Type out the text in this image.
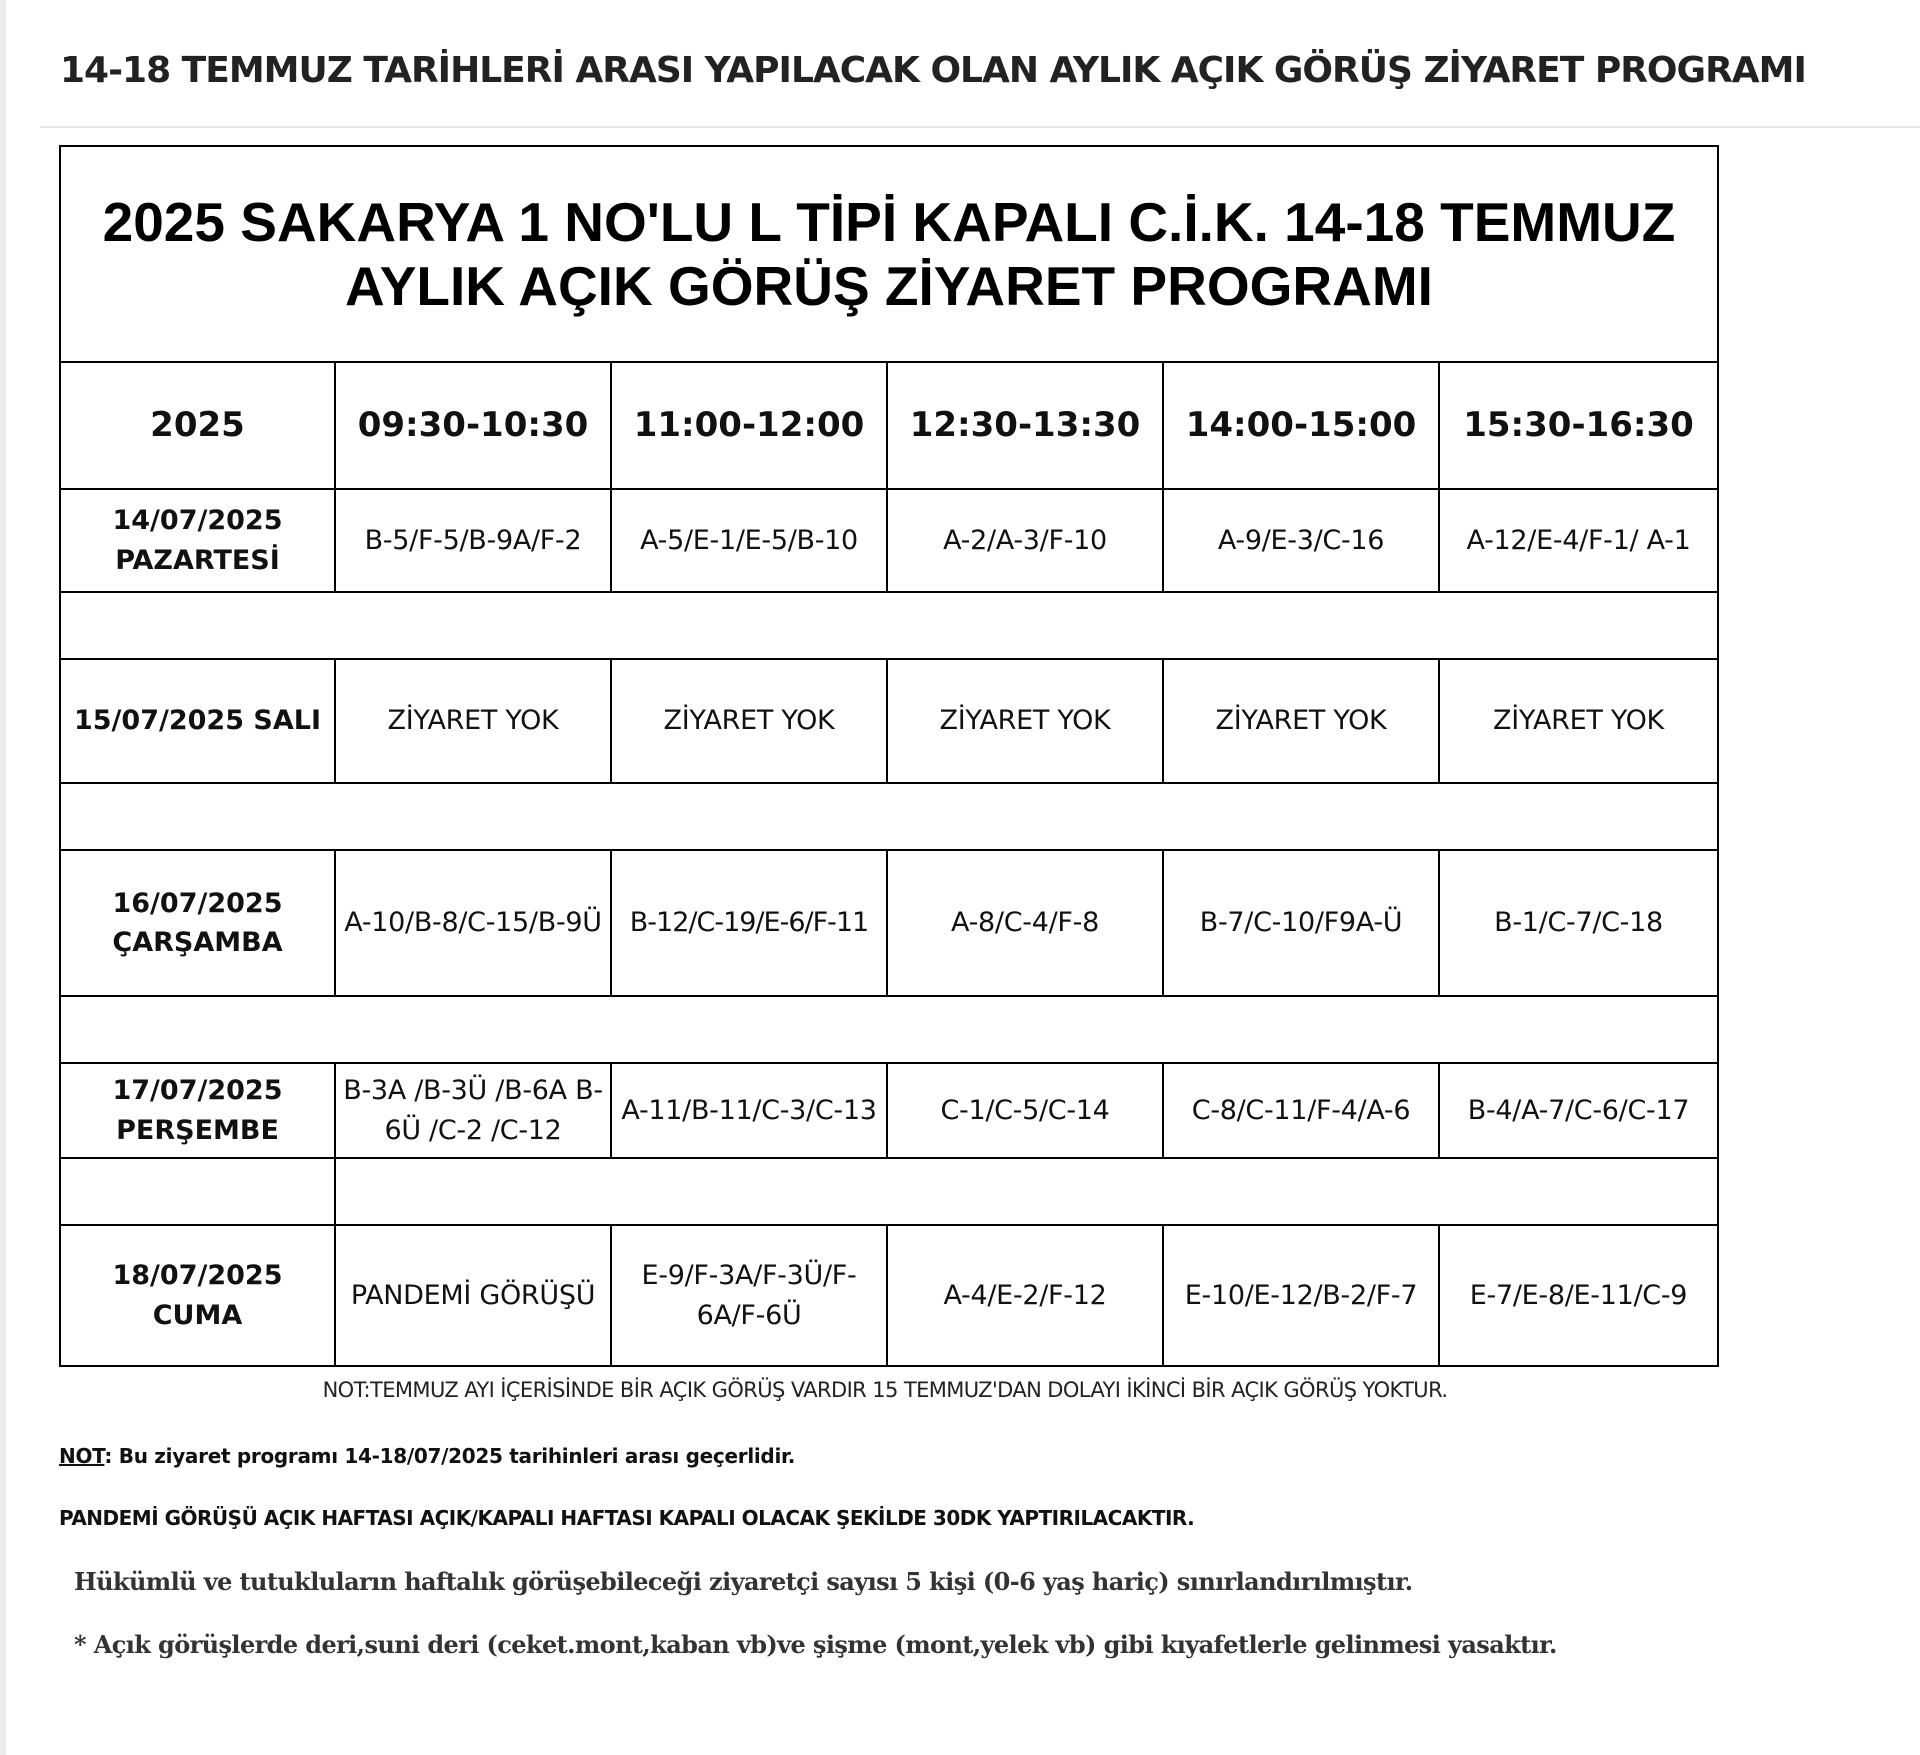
14-18 TEMMUZ TARİHLERİ ARASI YAPILACAK OLAN AYLIK AÇIK GÖRÜŞ ZİYARET PROGRAMI
2025 SAKARYA 1 NO'LU L TİPİ KAPALI C.İ.K. 14-18 TEMMUZ AYLIK AÇIK GÖRÜŞ ZİYARET PROGRAMI					
2025	09:30-10:30	11:00-12:00	12:30-13:30	14:00-15:00	15:30-16:30
14/07/2025 PAZARTESİ	B-5/F-5/B-9A/F-2	A-5/E-1/E-5/B-10	A-2/A-3/F-10	A-9/E-3/C-16	A-12/E-4/F-1/ A-1

15/07/2025 SALI	ZİYARET YOK	ZİYARET YOK	ZİYARET YOK	ZİYARET YOK	ZİYARET YOK

16/07/2025 ÇARŞAMBA	A-10/B-8/C-15/B-9Ü	B-12/C-19/E-6/F-11	A-8/C-4/F-8	B-7/C-10/F9A-Ü	B-1/C-7/C-18

17/07/2025 PERŞEMBE	B-3A /B-3Ü /B-6A B-6Ü /C-2 /C-12	A-11/B-11/C-3/C-13	C-1/C-5/C-14	C-8/C-11/F-4/A-6	B-4/A-7/C-6/C-17

18/07/2025 CUMA	PANDEMİ GÖRÜŞÜ	E-9/F-3A/F-3Ü/F-6A/F-6Ü	A-4/E-2/F-12	E-10/E-12/B-2/F-7	E-7/E-8/E-11/C-9

NOT:TEMMUZ AYI İÇERİSİNDE BİR AÇIK GÖRÜŞ VARDIR 15 TEMMUZ'DAN DOLAYI İKİNCİ BİR AÇIK GÖRÜŞ YOKTUR.

NOT: Bu ziyaret programı 14-18/07/2025 tarihinleri arası geçerlidir.

PANDEMİ GÖRÜŞÜ AÇIK HAFTASI AÇIK/KAPALI HAFTASI KAPALI OLACAK ŞEKİLDE 30DK YAPTIRILACAKTIR.

Hükümlü ve tutukluların haftalık görüşebileceği ziyaretçi sayısı 5 kişi (0-6 yaş hariç) sınırlandırılmıştır.

* Açık görüşlerde deri,suni deri (ceket.mont,kaban vb)ve şişme (mont,yelek vb) gibi kıyafetlerle gelinmesi yasaktır.
